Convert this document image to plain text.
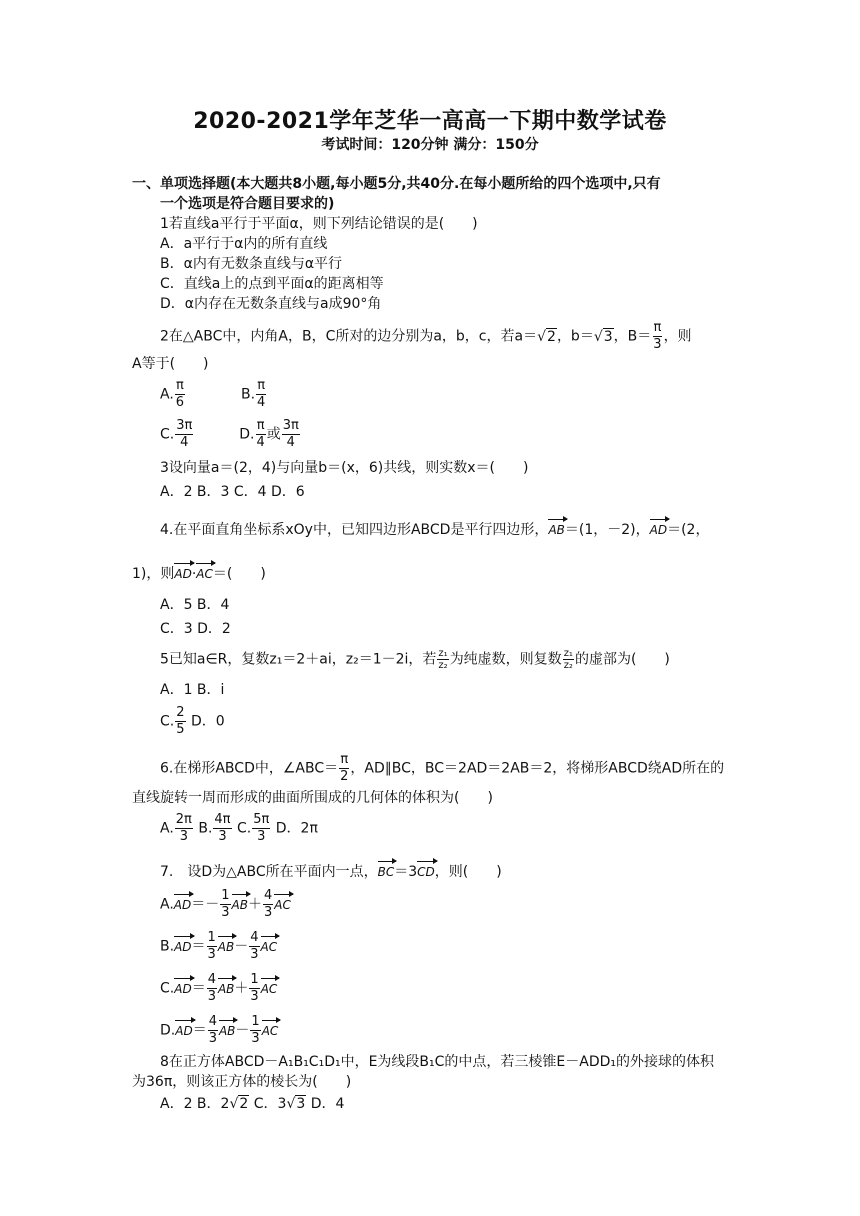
2020-2021学年芝华一高高一下期中数学试卷
考试时间：120分钟 满分：150分
一、单项选择题(本大题共8小题,每小题5分,共40分.在每小题所给的四个选项中,只有
一个选项是符合题目要求的)
1若直线a平行于平面α，则下列结论错误的是(　　)
A．a平行于α内的所有直线
B．α内有无数条直线与α平行
C．直线a上的点到平面α的距离相等
D．α内存在无数条直线与a成90°角
2在△ABC中，内角A，B，C所对的边分别为a，b，c，若a＝√2，b＝√3，$B= \frac{\pi}{3}$ ，则
A等于(　　)
A. $\frac{\pi}{6}$	B. $\frac{\pi}{4}$
C. $\frac{3\pi}{4}$	D. $\frac{\pi}{4}$ 或 $\frac{3\pi}{4}$
3设向量a＝(2，4)与向量b＝(x，6)共线，则实数x＝(　　)
A．2 B．3 C．4 D．6
4.在平面直角坐标系xOy中，已知四边形ABCD是平行四边形，AB＝(1，－2)，AD＝(2，
1)，则AD·AC＝(　　)
A．5 B．4
C．3 D．2
5已知a∈R，复数z₁＝2＋ai，z₂＝1－2i，若 $\frac{\text{z₁}}{\text{z₂}}$ 为纯虚数，则复数 $\frac{\text{z₁}}{\text{z₂}}$ 的虚部为(　　)
A．1 B．i
C. $\frac{2}{5}$ D．0
6.在梯形ABCD中，∠ABC＝ $\frac{\pi}{2}$ ，AD∥BC，BC＝2AD＝2AB＝2，将梯形ABCD绕AD所在的
直线旋转一周而形成的曲面所围成的几何体的体积为(　　)
A. $\frac{2\pi}{3} B$. $\frac{4\pi}{3} C$. $\frac{5\pi}{3}$ D．2π
7.　设D为△ABC所在平面内一点，BC＝3CD，则(　　)
$A.AD=- \frac{1}{3} AB+ \frac{4}{3}$ AC
$B.AD= \frac{1}{3} AB- \frac{4}{3}$ AC
$C.AD= \frac{4}{3} AB+ \frac{1}{3}$ AC
$D.AD= \frac{4}{3} AB- \frac{1}{3}$ AC
8在正方体ABCD－A₁B₁C₁D₁中，E为线段B₁C的中点，若三棱锥E－ADD₁的外接球的体积
为36π，则该正方体的棱长为(　　)
A．2 B．2√2 C．3√3 D．4
